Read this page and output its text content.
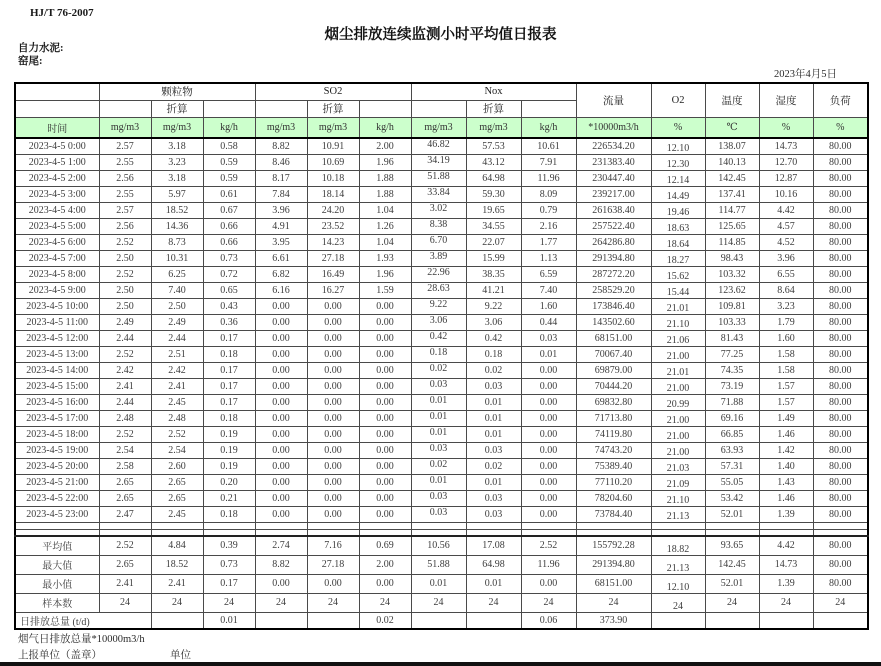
HJ/T 76-2007
烟尘排放连续监测小时平均值日报表
自力水泥:
窑尾:
2023年4月5日
	颗粒物			SO2			Nox			流量	O2	温度	湿度	负荷
		折算			折算			折算						
时间	mg/m3	mg/m3	kg/h	mg/m3	mg/m3	kg/h	mg/m3	mg/m3	kg/h	*10000m3/h	%	℃	%	%
2023-4-5 0:00	2.57	3.18	0.58	8.82	10.91	2.00	46.82	57.53	10.61	226534.20	12.10	138.07	14.73	80.00
2023-4-5 1:00	2.55	3.23	0.59	8.46	10.69	1.96	34.19	43.12	7.91	231383.40	12.30	140.13	12.70	80.00
2023-4-5 2:00	2.56	3.18	0.59	8.17	10.18	1.88	51.88	64.98	11.96	230447.40	12.14	142.45	12.87	80.00
2023-4-5 3:00	2.55	5.97	0.61	7.84	18.14	1.88	33.84	59.30	8.09	239217.00	14.49	137.41	10.16	80.00
2023-4-5 4:00	2.57	18.52	0.67	3.96	24.20	1.04	3.02	19.65	0.79	261638.40	19.46	114.77	4.42	80.00
2023-4-5 5:00	2.56	14.36	0.66	4.91	23.52	1.26	8.38	34.55	2.16	257522.40	18.63	125.65	4.57	80.00
2023-4-5 6:00	2.52	8.73	0.66	3.95	14.23	1.04	6.70	22.07	1.77	264286.80	18.64	114.85	4.52	80.00
2023-4-5 7:00	2.50	10.31	0.73	6.61	27.18	1.93	3.89	15.99	1.13	291394.80	18.27	98.43	3.96	80.00
2023-4-5 8:00	2.52	6.25	0.72	6.82	16.49	1.96	22.96	38.35	6.59	287272.20	15.62	103.32	6.55	80.00
2023-4-5 9:00	2.50	7.40	0.65	6.16	16.27	1.59	28.63	41.21	7.40	258529.20	15.44	123.62	8.64	80.00
2023-4-5 10:00	2.50	2.50	0.43	0.00	0.00	0.00	9.22	9.22	1.60	173846.40	21.01	109.81	3.23	80.00
2023-4-5 11:00	2.49	2.49	0.36	0.00	0.00	0.00	3.06	3.06	0.44	143502.60	21.10	103.33	1.79	80.00
2023-4-5 12:00	2.44	2.44	0.17	0.00	0.00	0.00	0.42	0.42	0.03	68151.00	21.06	81.43	1.60	80.00
2023-4-5 13:00	2.52	2.51	0.18	0.00	0.00	0.00	0.18	0.18	0.01	70067.40	21.00	77.25	1.58	80.00
2023-4-5 14:00	2.42	2.42	0.17	0.00	0.00	0.00	0.02	0.02	0.00	69879.00	21.01	74.35	1.58	80.00
2023-4-5 15:00	2.41	2.41	0.17	0.00	0.00	0.00	0.03	0.03	0.00	70444.20	21.00	73.19	1.57	80.00
2023-4-5 16:00	2.44	2.45	0.17	0.00	0.00	0.00	0.01	0.01	0.00	69832.80	20.99	71.88	1.57	80.00
2023-4-5 17:00	2.48	2.48	0.18	0.00	0.00	0.00	0.01	0.01	0.00	71713.80	21.00	69.16	1.49	80.00
2023-4-5 18:00	2.52	2.52	0.19	0.00	0.00	0.00	0.01	0.01	0.00	74119.80	21.00	66.85	1.46	80.00
2023-4-5 19:00	2.54	2.54	0.19	0.00	0.00	0.00	0.03	0.03	0.00	74743.20	21.00	63.93	1.42	80.00
2023-4-5 20:00	2.58	2.60	0.19	0.00	0.00	0.00	0.02	0.02	0.00	75389.40	21.03	57.31	1.40	80.00
2023-4-5 21:00	2.65	2.65	0.20	0.00	0.00	0.00	0.01	0.01	0.00	77110.20	21.09	55.05	1.43	80.00
2023-4-5 22:00	2.65	2.65	0.21	0.00	0.00	0.00	0.03	0.03	0.00	78204.60	21.10	53.42	1.46	80.00
2023-4-5 23:00	2.47	2.45	0.18	0.00	0.00	0.00	0.03	0.03	0.00	73784.40	21.13	52.01	1.39	80.00

平均值	2.52	4.84	0.39	2.74	7.16	0.69	10.56	17.08	2.52	155792.28	18.82	93.65	4.42	80.00
最大值	2.65	18.52	0.73	8.82	27.18	2.00	51.88	64.98	11.96	291394.80	21.13	142.45	14.73	80.00
最小值	2.41	2.41	0.17	0.00	0.00	0.00	0.01	0.01	0.00	68151.00	12.10	52.01	1.39	80.00
样本数	24	24	24	24	24	24	24	24	24	24	24	24	24	24
日排放总量 (t/d)			0.01			0.02			0.06	373.90				
烟气日排放总量*10000m3/h
上报单位（盖章）	单位
